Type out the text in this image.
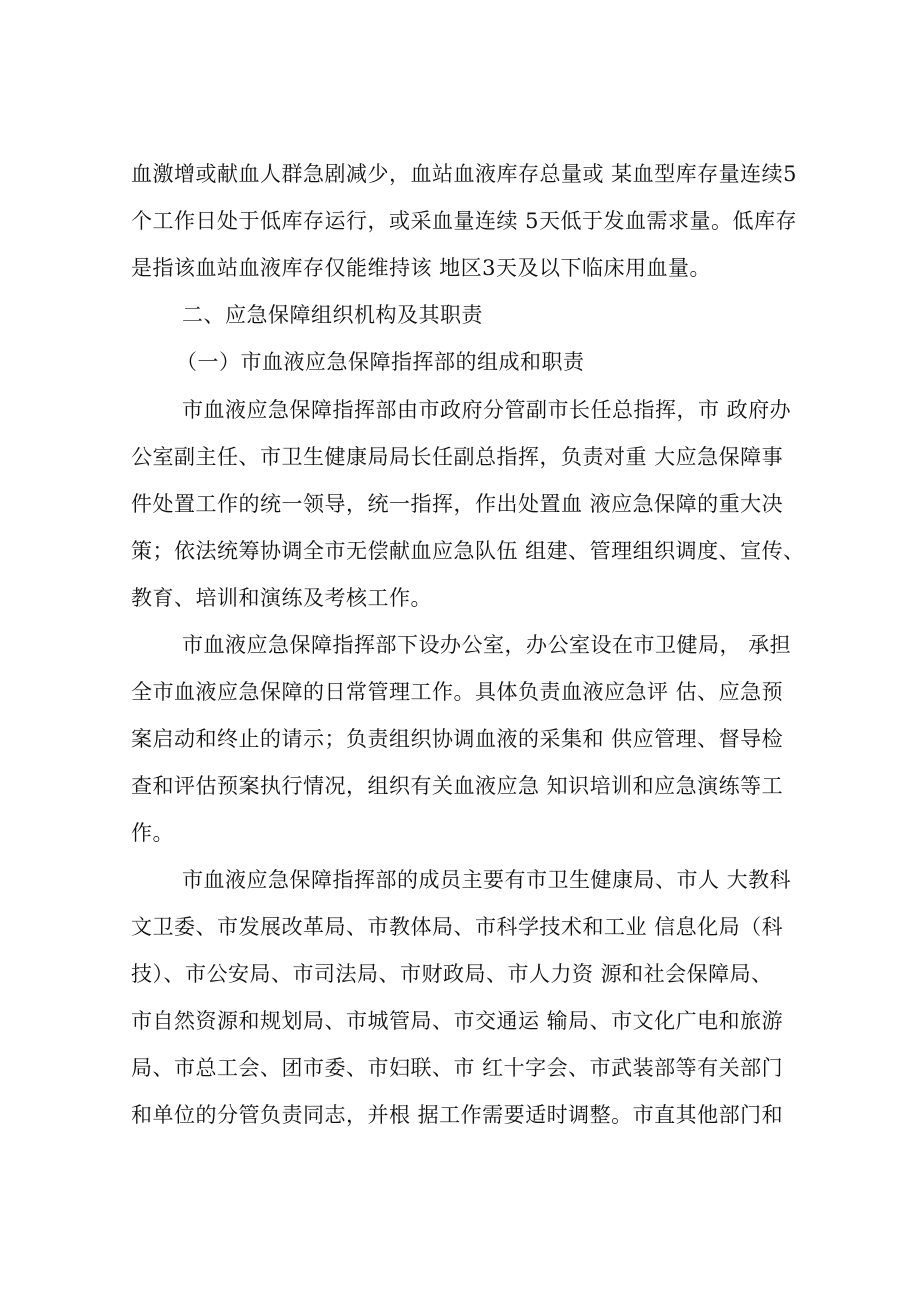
血激增或献血人群急剧减少，血站血液库存总量或 某血型库存量连续5
个工作日处于低库存运行，或采血量连续 5天低于发血需求量。低库存
是指该血站血液库存仅能维持该 地区3天及以下临床用血量。
二、应急保障组织机构及其职责
（一）市血液应急保障指挥部的组成和职责
市血液应急保障指挥部由市政府分管副市长任总指挥，市 政府办
公室副主任、市卫生健康局局长任副总指挥，负责对重 大应急保障事
件处置工作的统一领导，统一指挥，作出处置血 液应急保障的重大决
策；依法统筹协调全市无偿献血应急队伍 组建、管理组织调度、宣传、
教育、培训和演练及考核工作。
市血液应急保障指挥部下设办公室，办公室设在市卫健局， 承担
全市血液应急保障的日常管理工作。具体负责血液应急评 估、应急预
案启动和终止的请示；负责组织协调血液的采集和 供应管理、督导检
查和评估预案执行情况，组织有关血液应急 知识培训和应急演练等工
作。
市血液应急保障指挥部的成员主要有市卫生健康局、市人 大教科
文卫委、市发展改革局、市教体局、市科学技术和工业 信息化局（科
技）、市公安局、市司法局、市财政局、市人力资 源和社会保障局、
市自然资源和规划局、市城管局、市交通运 输局、市文化广电和旅游
局、市总工会、团市委、市妇联、市 红十字会、市武装部等有关部门
和单位的分管负责同志，并根 据工作需要适时调整。市直其他部门和
